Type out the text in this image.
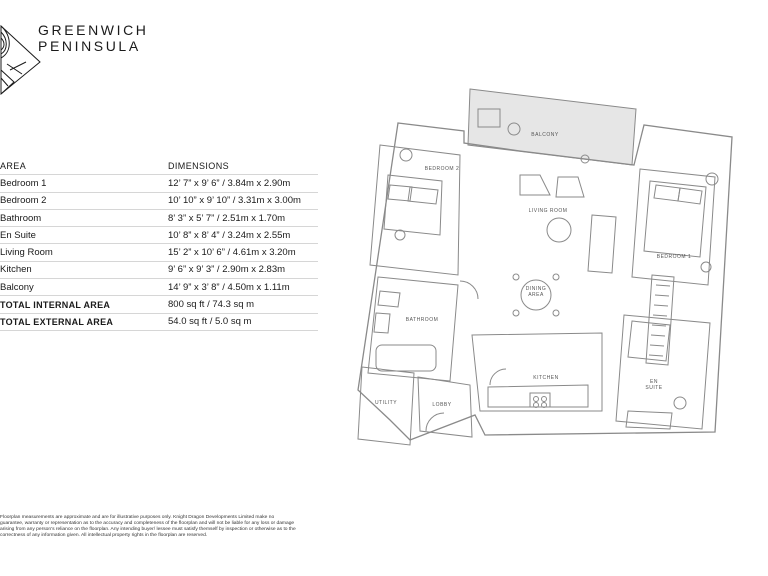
GREENWICH
PENINSULA
AREA	DIMENSIONS
Bedroom 1	12’ 7” x 9’ 6” / 3.84m x 2.90m
Bedroom 2	10’ 10” x 9’ 10” / 3.31m x 3.00m
Bathroom	8’ 3” x 5’ 7” / 2.51m x 1.70m
En Suite	10’ 8” x 8’ 4” / 3.24m x 2.55m
Living Room	15’ 2” x 10’ 6” / 4.61m x 3.20m
Kitchen	9’ 6” x 9’ 3” / 2.90m x 2.83m
Balcony	14’ 9” x 3’ 8” / 4.50m x 1.11m
TOTAL INTERNAL AREA	800 sq ft / 74.3 sq m
TOTAL EXTERNAL AREA	54.0 sq ft / 5.0 sq m
BALCONY
BEDROOM 2
LIVING ROOM
DINING
AREA
BEDROOM 1
BATHROOM
KITCHEN
EN
SUITE
UTILITY	LOBBY
Floorplan measurements are approximate and are for illustrative purposes only. Knight Dragon Developments Limited make no guarantee, warranty or representation as to the accuracy and completeness of the floorplan and will not be liable for any loss or damage arising from any person’s reliance on the floorplan. Any intending buyer/ lessee must satisfy themself by inspection or otherwise as to the correctness of any information given. All intellectual property rights in the floorplan are reserved.
